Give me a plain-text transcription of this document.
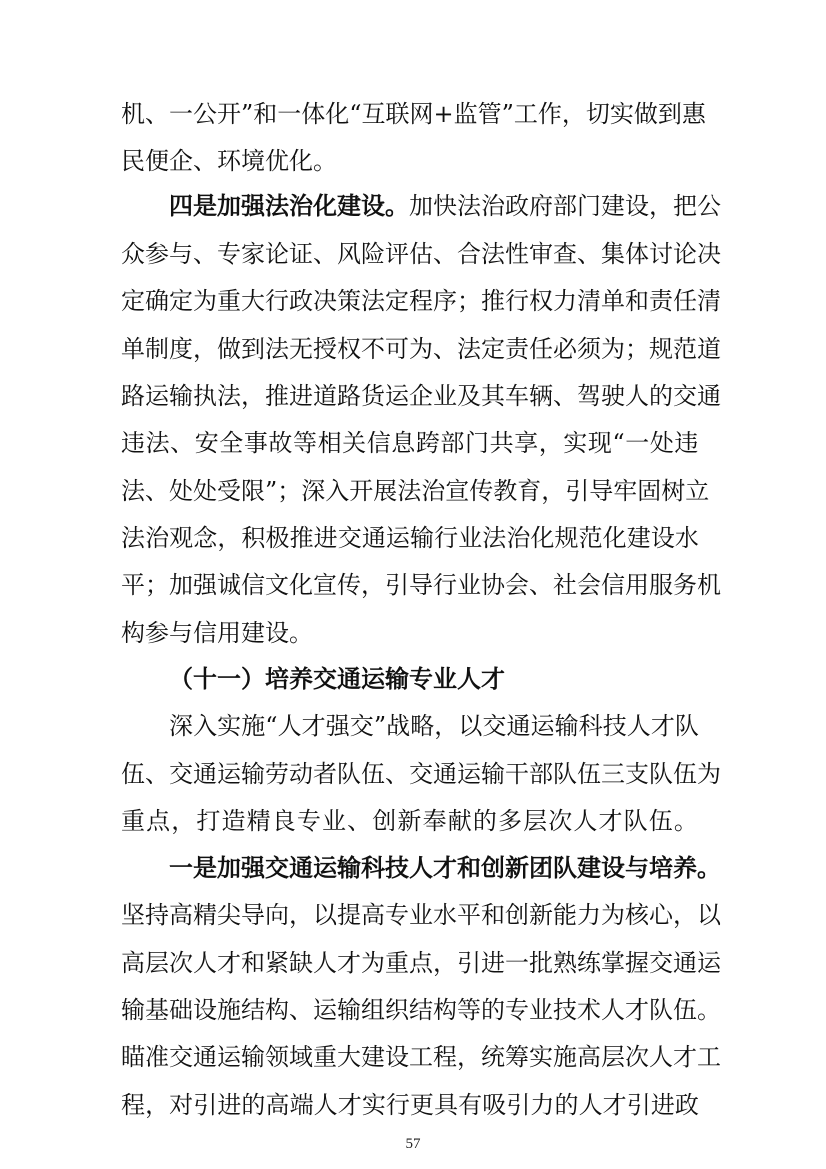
机、一公开”和一体化“互联网+监管”工作，切实做到惠

民便企、环境优化。

四是加强法治化建设。加快法治政府部门建设，把公

众参与、专家论证、风险评估、合法性审查、集体讨论决

定确定为重大行政决策法定程序；推行权力清单和责任清

单制度，做到法无授权不可为、法定责任必须为；规范道

路运输执法，推进道路货运企业及其车辆、驾驶人的交通

违法、安全事故等相关信息跨部门共享，实现“一处违

法、处处受限”；深入开展法治宣传教育，引导牢固树立

法治观念，积极推进交通运输行业法治化规范化建设水

平；加强诚信文化宣传，引导行业协会、社会信用服务机

构参与信用建设。

（十一）培养交通运输专业人才

深入实施“人才强交”战略，以交通运输科技人才队

伍、交通运输劳动者队伍、交通运输干部队伍三支队伍为

重点，打造精良专业、创新奉献的多层次人才队伍。

一是加强交通运输科技人才和创新团队建设与培养。

坚持高精尖导向，以提高专业水平和创新能力为核心，以

高层次人才和紧缺人才为重点，引进一批熟练掌握交通运

输基础设施结构、运输组织结构等的专业技术人才队伍。

瞄准交通运输领域重大建设工程，统筹实施高层次人才工

程，对引进的高端人才实行更具有吸引力的人才引进政

57
